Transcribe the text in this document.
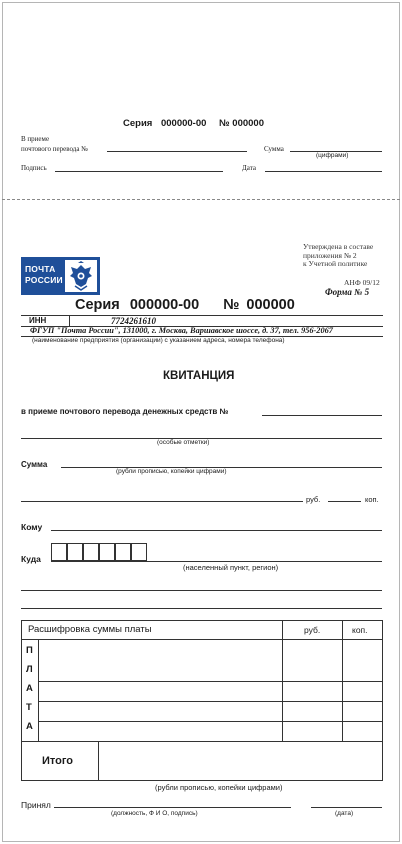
Серия 000000-00 № 000000
В приеме
почтового перевода №	Сумма
(цифрами)
Подпись	Дата
ПОЧТА
РОССИИ
Утверждена в составе
приложения № 2
к Учетной политике
АНФ 09/12
Форма № 5
Серия 000000-00 № 000000
ИНН	7724261610
ФГУП "Почта России", 131000, г. Москва, Варшавское шоссе, д. 37, тел. 956-2067
(наименование предприятия (организации) с указанием адреса, номера телефона)
КВИТАНЦИЯ
в приеме почтового перевода денежных средств №
(особые отметки)
Сумма
(рубли прописью, копейки цифрами)
руб.	коп.
Кому
Куда
(населенный пункт, регион)
Расшифровка суммы платы	руб.	коп.
П
Л
А
Т
А
Итого
(рубли прописью, копейки цифрами)
Принял
(должность, Ф И О, подпись)	(дата)
